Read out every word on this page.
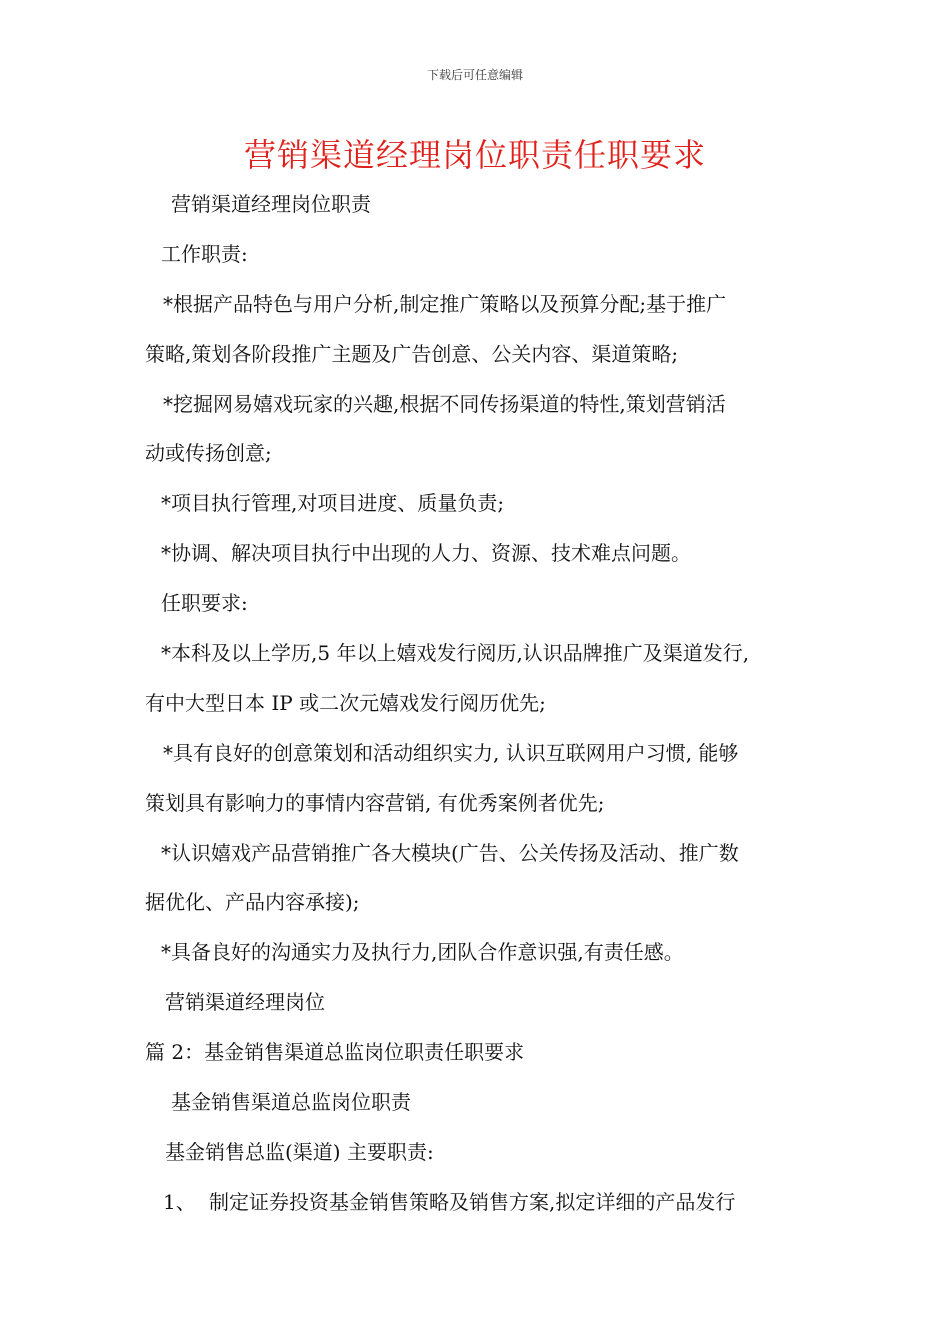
下载后可任意编辑
营销渠道经理岗位职责任职要求
营销渠道经理岗位职责
工作职责:
*根据产品特色与用户分析,制定推广策略以及预算分配;基于推广
策略,策划各阶段推广主题及广告创意、公关内容、渠道策略;
*挖掘网易嬉戏玩家的兴趣,根据不同传扬渠道的特性,策划营销活
动或传扬创意;
*项目执行管理,对项目进度、质量负责;
*协调、解决项目执行中出现的人力、资源、技术难点问题。
任职要求:
*本科及以上学历,5 年以上嬉戏发行阅历,认识品牌推广及渠道发行,
有中大型日本 IP 或二次元嬉戏发行阅历优先;
*具有良好的创意策划和活动组织实力, 认识互联网用户习惯, 能够
策划具有影响力的事情内容营销, 有优秀案例者优先;
*认识嬉戏产品营销推广各大模块(广告、公关传扬及活动、推广数
据优化、产品内容承接);
*具备良好的沟通实力及执行力,团队合作意识强,有责任感。
营销渠道经理岗位
篇 2：基金销售渠道总监岗位职责任职要求
基金销售渠道总监岗位职责
基金销售总监(渠道) 主要职责:
1、 制定证券投资基金销售策略及销售方案,拟定详细的产品发行
